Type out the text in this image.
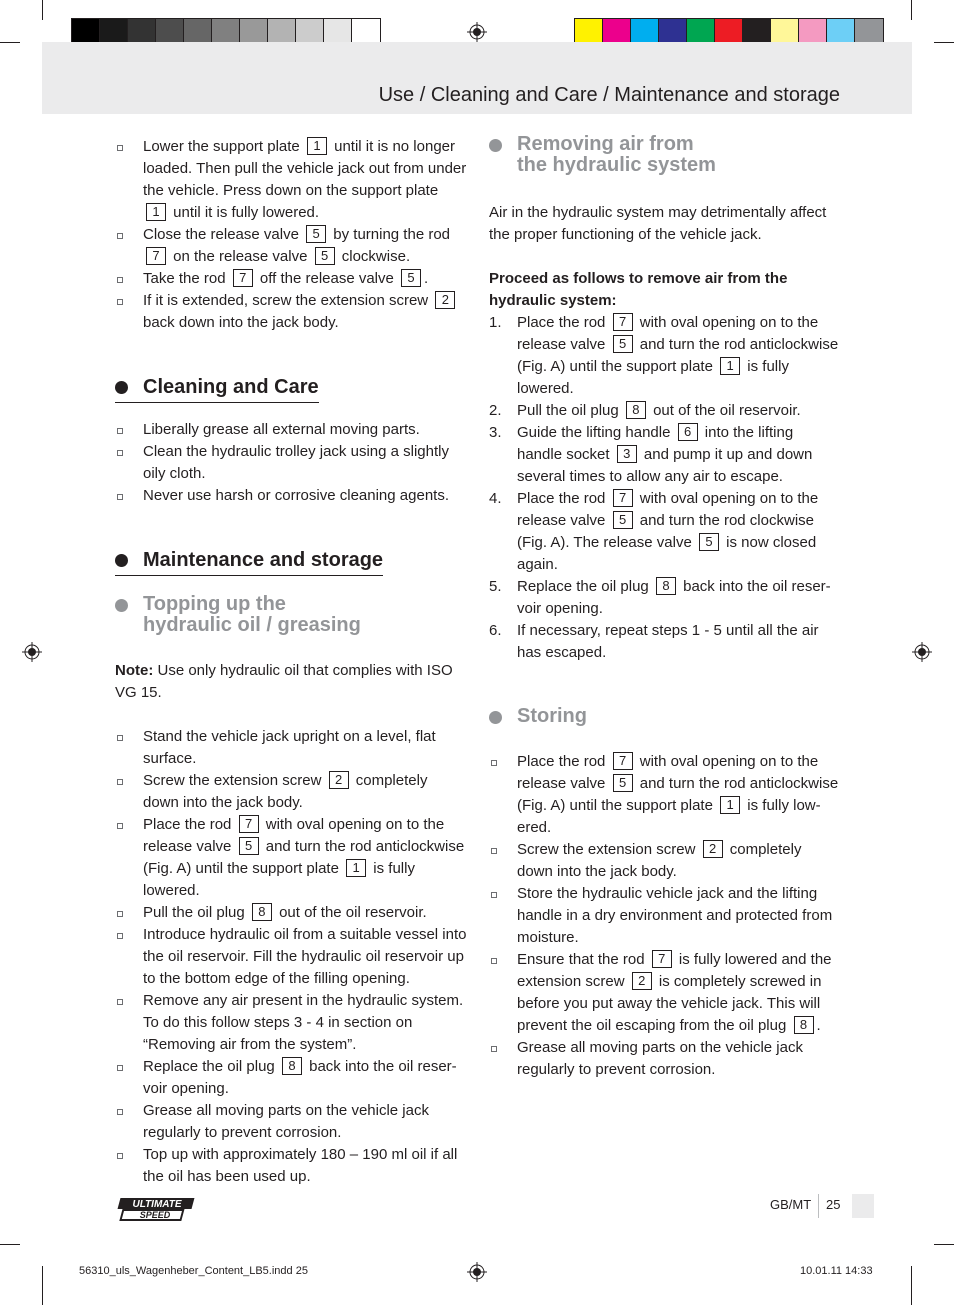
Use / Cleaning and Care / Maintenance and storage
Lower the support plate 1 until it is no longer loaded. Then pull the vehicle jack out from under the vehicle. Press down on the support plate 1 until it is fully lowered.
Close the release valve 5 by turning the rod 7 on the release valve 5 clockwise.
Take the rod 7 off the release valve 5 .
If it is extended, screw the extension screw 2 back down into the jack body.
Cleaning and Care
Liberally grease all external moving parts.
Clean the hydraulic trolley jack using a slightly oily cloth.
Never use harsh or corrosive cleaning agents.
Maintenance and storage
Topping up the
hydraulic oil / greasing
Note: Use only hydraulic oil that complies with ISO VG 15.
Stand the vehicle jack upright on a level, flat surface.
Screw the extension screw 2 completely down into the jack body.
Place the rod 7 with oval opening on to the release valve 5 and turn the rod anticlockwise (Fig. A) until the support plate 1 is fully lowered.
Pull the oil plug 8 out of the oil reservoir.
Introduce hydraulic oil from a suitable vessel into the oil reservoir. Fill the hydraulic oil reservoir up to the bottom edge of the filling opening.
Remove any air present in the hydraulic system. To do this follow steps 3 - 4 in section on “Removing air from the system”.
Replace the oil plug 8 back into the oil reser-voir opening.
Grease all moving parts on the vehicle jack regularly to prevent corrosion.
Top up with approximately 180 – 190 ml oil if all the oil has been used up.
Removing air from
the hydraulic system
Air in the hydraulic system may detrimentally affect the proper functioning of the vehicle jack.
Proceed as follows to remove air from the hydraulic system:
1. Place the rod 7 with oval opening on to the release valve 5 and turn the rod anticlockwise (Fig. A) until the support plate 1 is fully lowered.
2. Pull the oil plug 8 out of the oil reservoir.
3. Guide the lifting handle 6 into the lifting handle socket 3 and pump it up and down several times to allow any air to escape.
4. Place the rod 7 with oval opening on to the release valve 5 and turn the rod clockwise (Fig. A). The release valve 5 is now closed again.
5. Replace the oil plug 8 back into the oil reser-voir opening.
6. If necessary, repeat steps 1 - 5 until all the air has escaped.
Storing
Place the rod 7 with oval opening on to the release valve 5 and turn the rod anticlockwise (Fig. A) until the support plate 1 is fully low-ered.
Screw the extension screw 2 completely down into the jack body.
Store the hydraulic vehicle jack and the lifting handle in a dry environment and protected from moisture.
Ensure that the rod 7 is fully lowered and the extension screw 2 is completely screwed in before you put away the vehicle jack. This will prevent the oil escaping from the oil plug 8 .
Grease all moving parts on the vehicle jack regularly to prevent corrosion.
ULTIMATE
SPEED
GB/MT 25
56310_uls_Wagenheber_Content_LB5.indd 25	10.01.11 14:33
